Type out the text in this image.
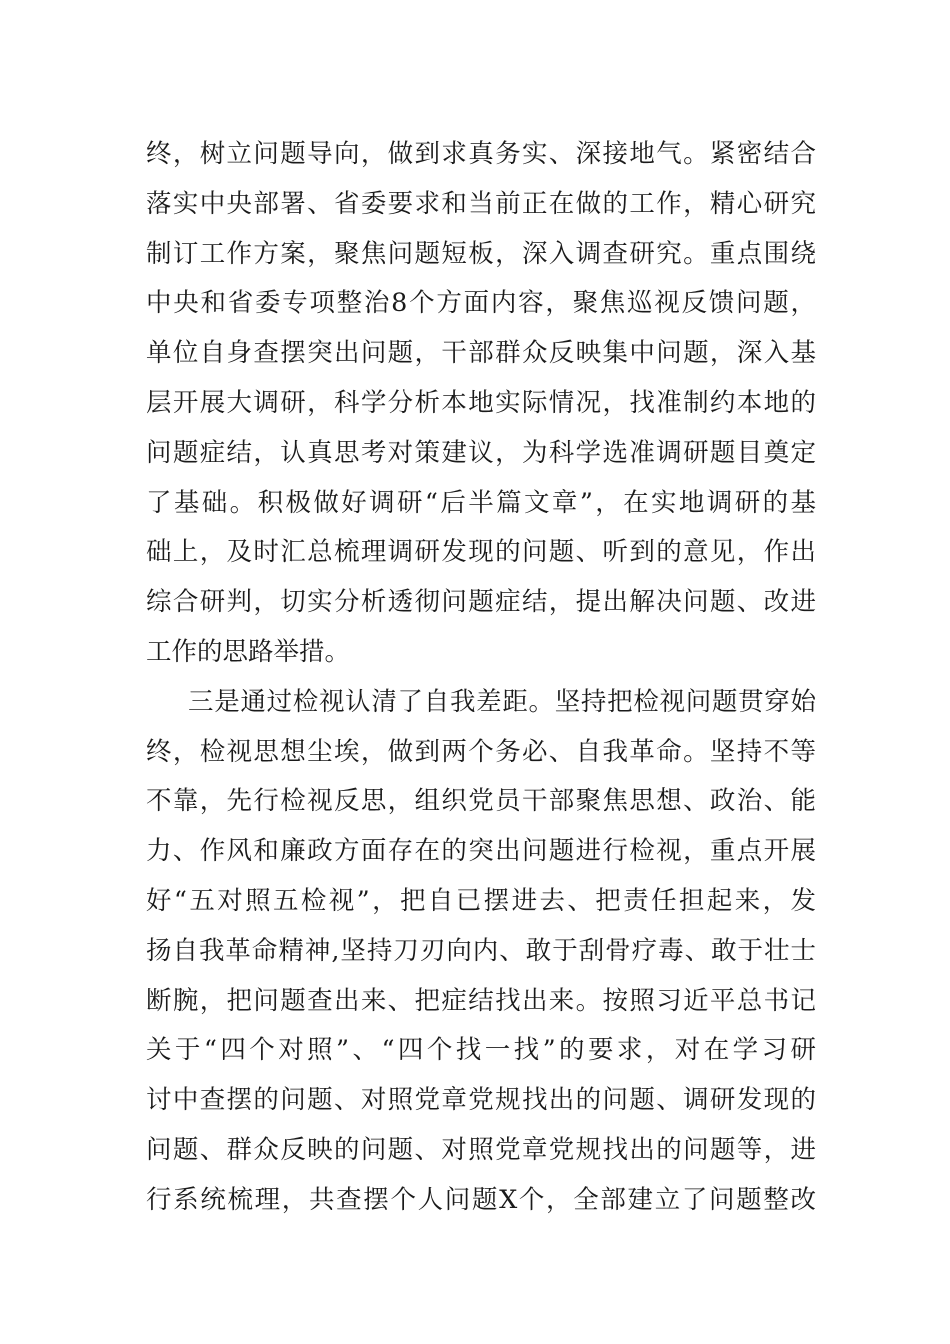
终，树立问题导向，做到求真务实、深接地气。紧密结合
落实中央部署、省委要求和当前正在做的工作，精心研究
制订工作方案，聚焦问题短板，深入调查研究。重点围绕
中央和省委专项整治8个方面内容，聚焦巡视反馈问题，
单位自身查摆突出问题，干部群众反映集中问题，深入基
层开展大调研，科学分析本地实际情况，找准制约本地的
问题症结，认真思考对策建议，为科学选准调研题目奠定
了基础。积极做好调研“后半篇文章”，在实地调研的基
础上，及时汇总梳理调研发现的问题、听到的意见，作出
综合研判，切实分析透彻问题症结，提出解决问题、改进
工作的思路举措。
三是通过检视认清了自我差距。坚持把检视问题贯穿始
终，检视思想尘埃，做到两个务必、自我革命。坚持不等
不靠，先行检视反思，组织党员干部聚焦思想、政治、能
力、作风和廉政方面存在的突出问题进行检视，重点开展
好“五对照五检视”，把自已摆进去、把责任担起来，发
扬自我革命精神,坚持刀刃向内、敢于刮骨疗毒、敢于壮士
断腕，把问题查出来、把症结找出来。按照习近平总书记
关于“四个对照”、“四个找一找”的要求，对在学习研
讨中查摆的问题、对照党章党规找出的问题、调研发现的
问题、群众反映的问题、对照党章党规找出的问题等，进
行系统梳理，共查摆个人问题X个，全部建立了问题整改
